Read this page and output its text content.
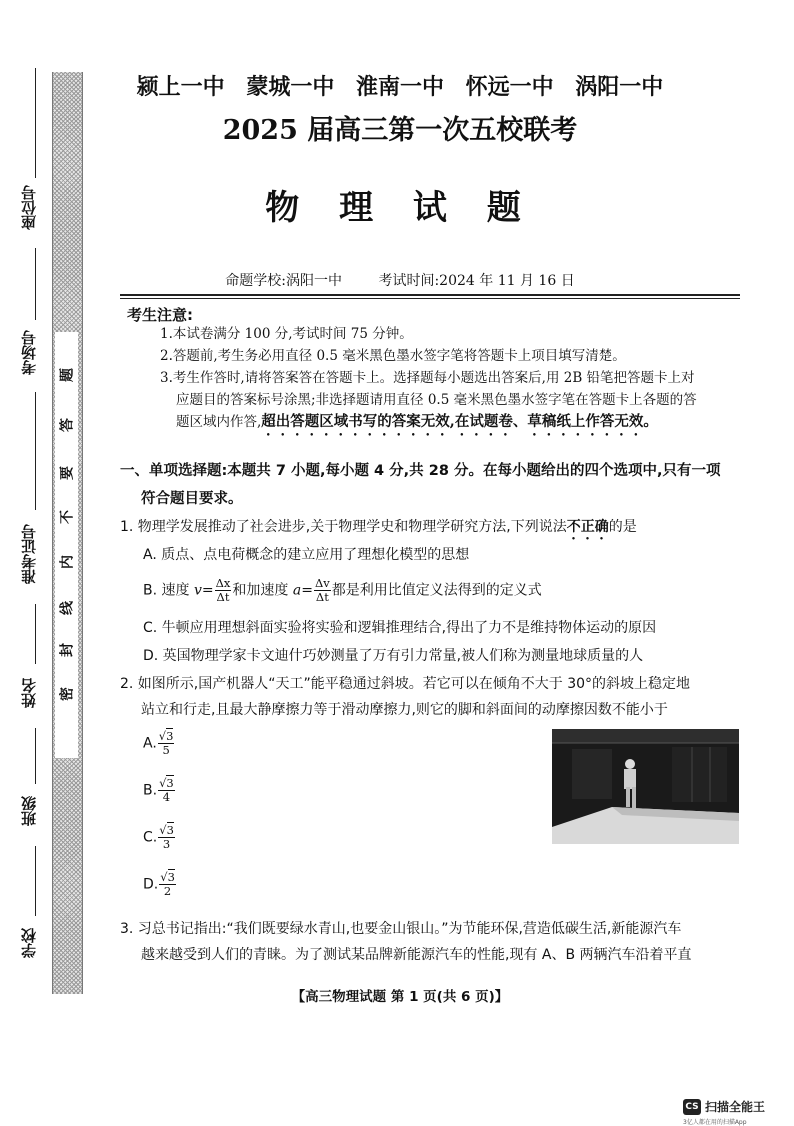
座位号
考场号
准考证号
姓名
班级
学校
题
答
要
不
内
线
封
密
颍上一中 蒙城一中 淮南一中 怀远一中 涡阳一中
2025 届高三第一次五校联考
物 理 试 题
命题学校:涡阳一中	考试时间:2024 年 11 月 16 日
考生注意:
1.本试卷满分 100 分,考试时间 75 分钟。
2.答题前,考生务必用直径 0.5 毫米黑色墨水签字笔将答题卡上项目填写清楚。
3.考生作答时,请将答案答在答题卡上。选择题每小题选出答案后,用 2B 铅笔把答题卡上对
应题目的答案标号涂黑;非选择题请用直径 0.5 毫米黑色墨水签字笔在答题卡上各题的答
题区域内作答,超出答题区域书写的答案无效,在试题卷、草稿纸上作答无效。
一、单项选择题:本题共 7 小题,每小题 4 分,共 28 分。在每小题给出的四个选项中,只有一项
符合题目要求。
1. 物理学发展推动了社会进步,关于物理学史和物理学研究方法,下列说法不正确的是
A. 质点、点电荷概念的建立应用了理想化模型的思想
B. 速度 $v= \frac{\Delta x}{\Delta t}$ 和加速度 $a= \frac{\Delta v}{\Delta t}$ 都是利用比值定义法得到的定义式
C. 牛顿应用理想斜面实验将实验和逻辑推理结合,得出了力不是维持物体运动的原因
D. 英国物理学家卡文迪什巧妙测量了万有引力常量,被人们称为测量地球质量的人
2. 如图所示,国产机器人“天工”能平稳通过斜坡。若它可以在倾角不大于 30°的斜坡上稳定地
站立和行走,且最大静摩擦力等于滑动摩擦力,则它的脚和斜面间的动摩擦因数不能小于
A. √ $\frac{3}{5}$
B. √ $\frac{3}{4}$
C. √ $\frac{3}{3}$
D. √ $\frac{3}{2}$
3. 习总书记指出:“我们既要绿水青山,也要金山银山。”为节能环保,营造低碳生活,新能源汽车
越来越受到人们的青睐。为了测试某品牌新能源汽车的性能,现有 A、B 两辆汽车沿着平直
【高三物理试题 第 1 页(共 6 页)】
CS 扫描全能王
3亿人都在用的扫描App
